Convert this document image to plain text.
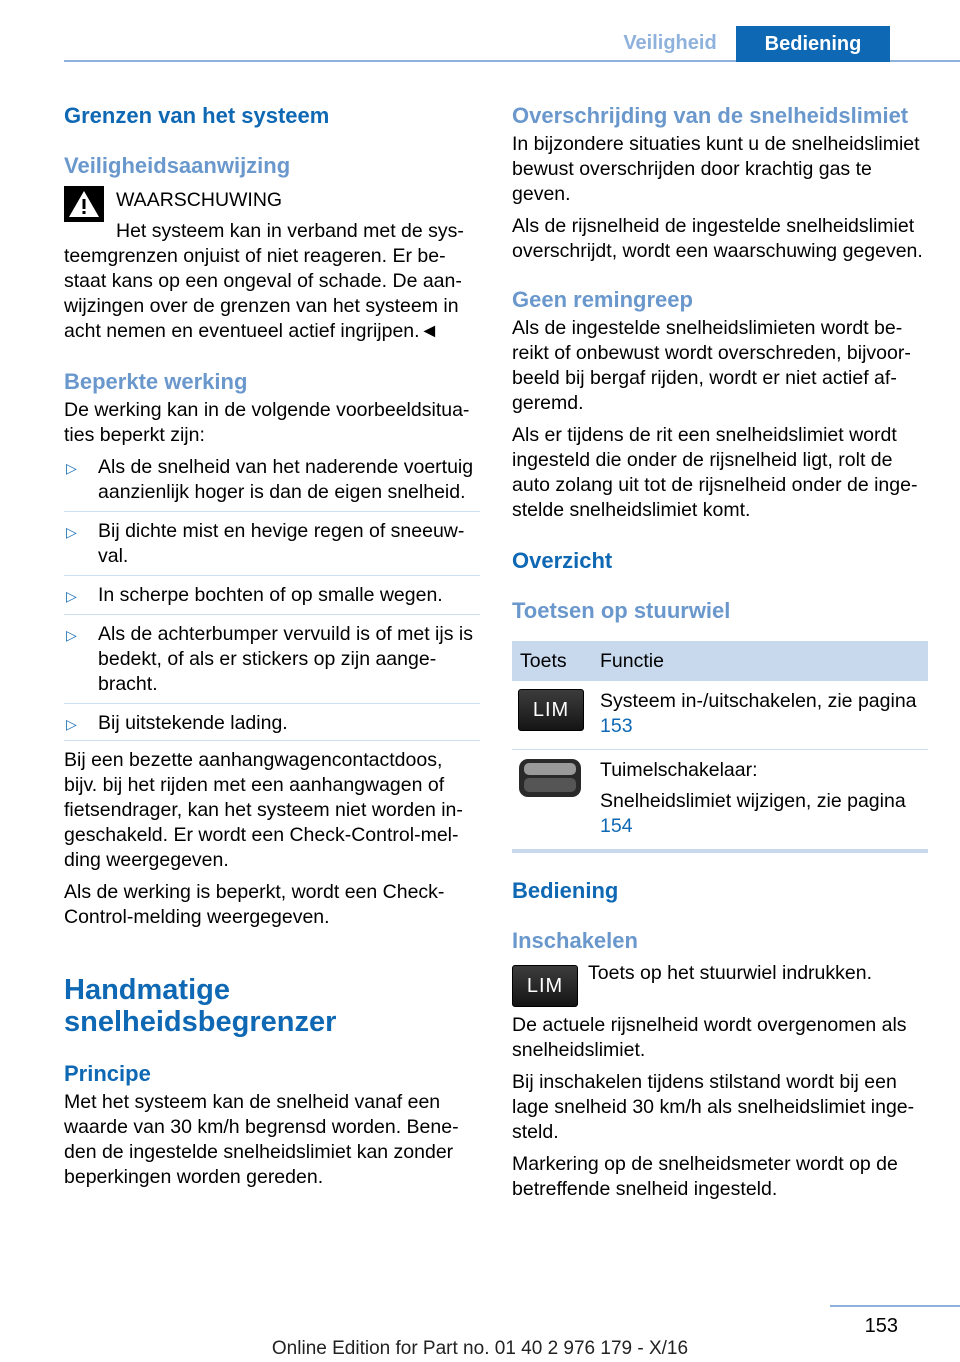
Veiligheid	Bediening
Grenzen van het systeem
Veiligheidsaanwijzing
WAARSCHUWING

Het systeem kan in verband met de systeemgrenzen onjuist of niet reageren. Er bestaat kans op een ongeval of schade. De aanwijzingen over de grenzen van het systeem in acht nemen en eventueel actief ingrijpen.◄

Beperkte werking

De werking kan in de volgende voorbeeldsituaties beperkt zijn:

▷ Als de snelheid van het naderende voertuig aanzienlijk hoger is dan de eigen snelheid.
▷ Bij dichte mist en hevige regen of sneeuwval.
▷ In scherpe bochten of op smalle wegen.
▷ Als de achterbumper vervuild is of met ijs is bedekt, of als er stickers op zijn aangebracht.
▷ Bij uitstekende lading.

Bij een bezette aanhangwagencontactdoos, bijv. bij het rijden met een aanhangwagen of fietsendrager, kan het systeem niet worden ingeschakeld. Er wordt een Check-Control-melding weergegeven.

Als de werking is beperkt, wordt een Check-Control-melding weergegeven.

Handmatige
snelheidsbegrenzer
Principe

Met het systeem kan de snelheid vanaf een waarde van 30 km/h begrensd worden. Beneden de ingestelde snelheidslimiet kan zonder beperkingen worden gereden.

Overschrijding van de snelheidslimiet

In bijzondere situaties kunt u de snelheidslimiet bewust overschrijden door krachtig gas te geven.

Als de rijsnelheid de ingestelde snelheidslimiet overschrijdt, wordt een waarschuwing gegeven.

Geen remingreep

Als de ingestelde snelheidslimieten wordt bereikt of onbewust wordt overschreden, bijvoorbeeld bij bergaf rijden, wordt er niet actief afgeremd.

Als er tijdens de rit een snelheidslimiet wordt ingesteld die onder de rijsnelheid ligt, rolt de auto zolang uit tot de rijsnelheid onder de ingestelde snelheidslimiet komt.

Overzicht
Toetsen op stuurwiel
Toets	Functie

LIM	Systeem in-/uitschakelen, zie pagina 153

Tuimelschakelaar:
Snelheidslimiet wijzigen, zie pagina 154
Bediening
Inschakelen
LIM
Toets op het stuurwiel indrukken.

De actuele rijsnelheid wordt overgenomen als snelheidslimiet.

Bij inschakelen tijdens stilstand wordt bij een lage snelheid 30 km/h als snelheidslimiet ingesteld.

Markering op de snelheidsmeter wordt op de betreffende snelheid ingesteld.

153
Online Edition for Part no. 01 40 2 976 179 - X/16
